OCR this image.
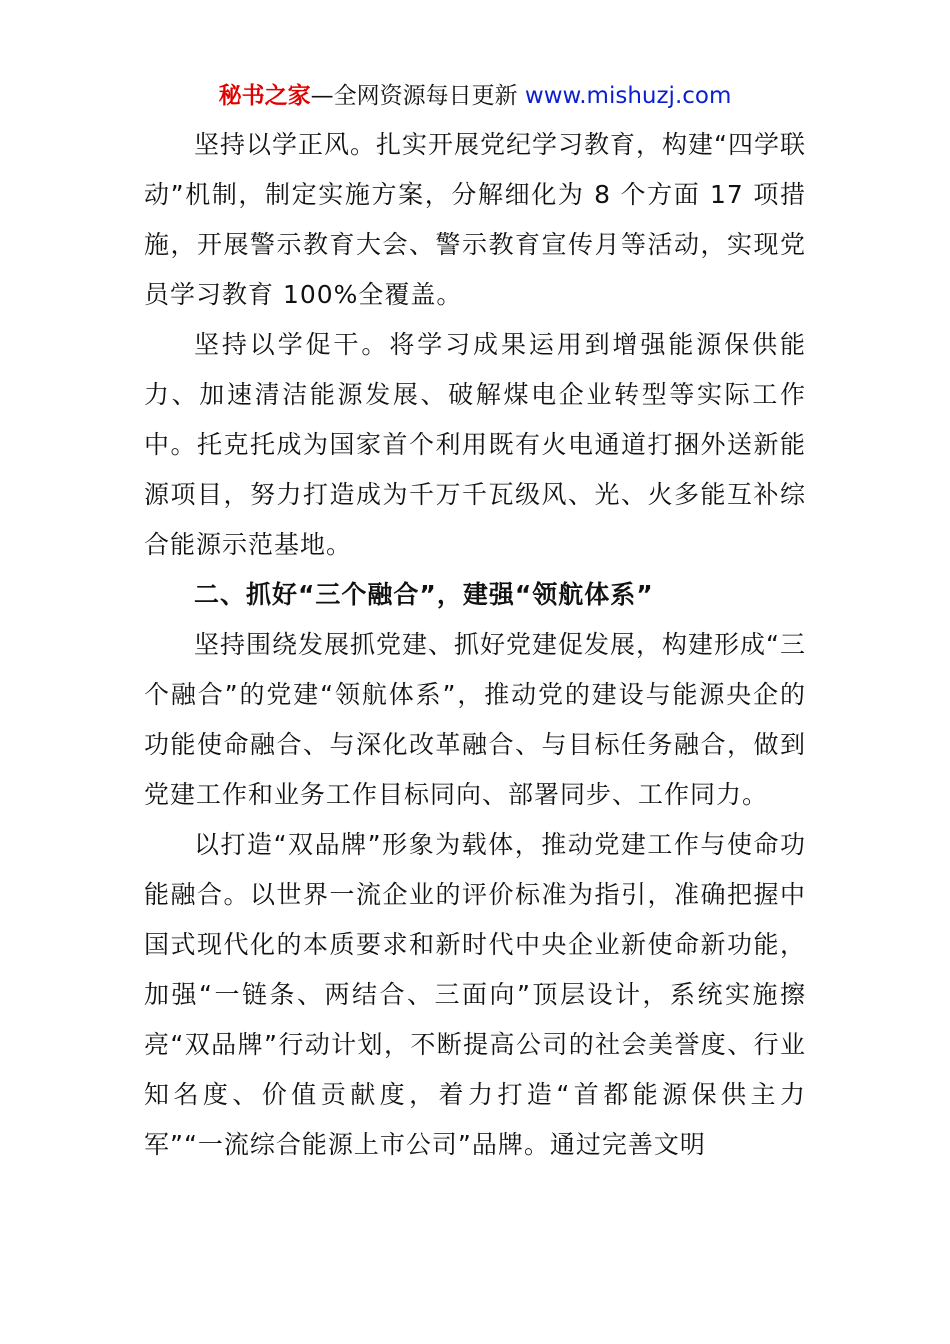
秘书之家—全网资源每日更新 www.mishuzj.com

坚持以学正风。扎实开展党纪学习教育，构建“四学联动”机制，制定实施方案，分解细化为 8 个方面 17 项措施，开展警示教育大会、警示教育宣传月等活动，实现党员学习教育 100%全覆盖。

坚持以学促干。将学习成果运用到增强能源保供能力、加速清洁能源发展、破解煤电企业转型等实际工作中。托克托成为国家首个利用既有火电通道打捆外送新能源项目，努力打造成为千万千瓦级风、光、火多能互补综合能源示范基地。

二、抓好“三个融合”，建强“领航体系”

坚持围绕发展抓党建、抓好党建促发展，构建形成“三个融合”的党建“领航体系”，推动党的建设与能源央企的功能使命融合、与深化改革融合、与目标任务融合，做到党建工作和业务工作目标同向、部署同步、工作同力。

以打造“双品牌”形象为载体，推动党建工作与使命功能融合。以世界一流企业的评价标准为指引，准确把握中国式现代化的本质要求和新时代中央企业新使命新功能，加强“一链条、两结合、三面向”顶层设计，系统实施擦亮“双品牌”行动计划，不断提高公司的社会美誉度、行业知名度、价值贡献度，着力打造“首都能源保供主力军”“一流综合能源上市公司”品牌。通过完善文明
